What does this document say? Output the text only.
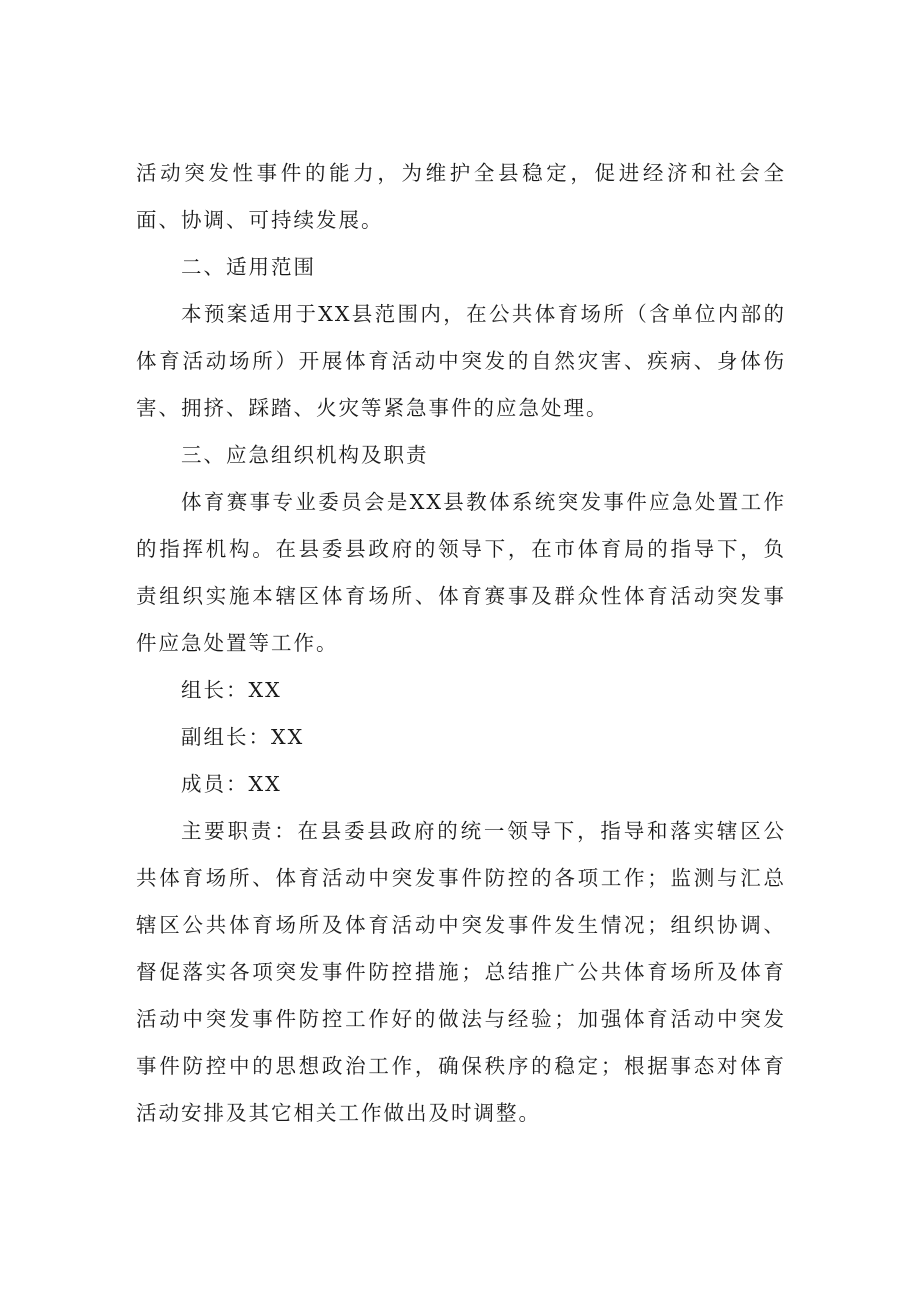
活动突发性事件的能力，为维护全县稳定，促进经济和社会全面、协调、可持续发展。

二、适用范围

本预案适用于XX县范围内，在公共体育场所（含单位内部的体育活动场所）开展体育活动中突发的自然灾害、疾病、身体伤害、拥挤、踩踏、火灾等紧急事件的应急处理。

三、应急组织机构及职责

体育赛事专业委员会是XX县教体系统突发事件应急处置工作的指挥机构。在县委县政府的领导下，在市体育局的指导下，负责组织实施本辖区体育场所、体育赛事及群众性体育活动突发事件应急处置等工作。

组长：XX

副组长：XX

成员：XX

主要职责：在县委县政府的统一领导下，指导和落实辖区公共体育场所、体育活动中突发事件防控的各项工作；监测与汇总辖区公共体育场所及体育活动中突发事件发生情况；组织协调、督促落实各项突发事件防控措施；总结推广公共体育场所及体育活动中突发事件防控工作好的做法与经验；加强体育活动中突发事件防控中的思想政治工作，确保秩序的稳定；根据事态对体育活动安排及其它相关工作做出及时调整。
